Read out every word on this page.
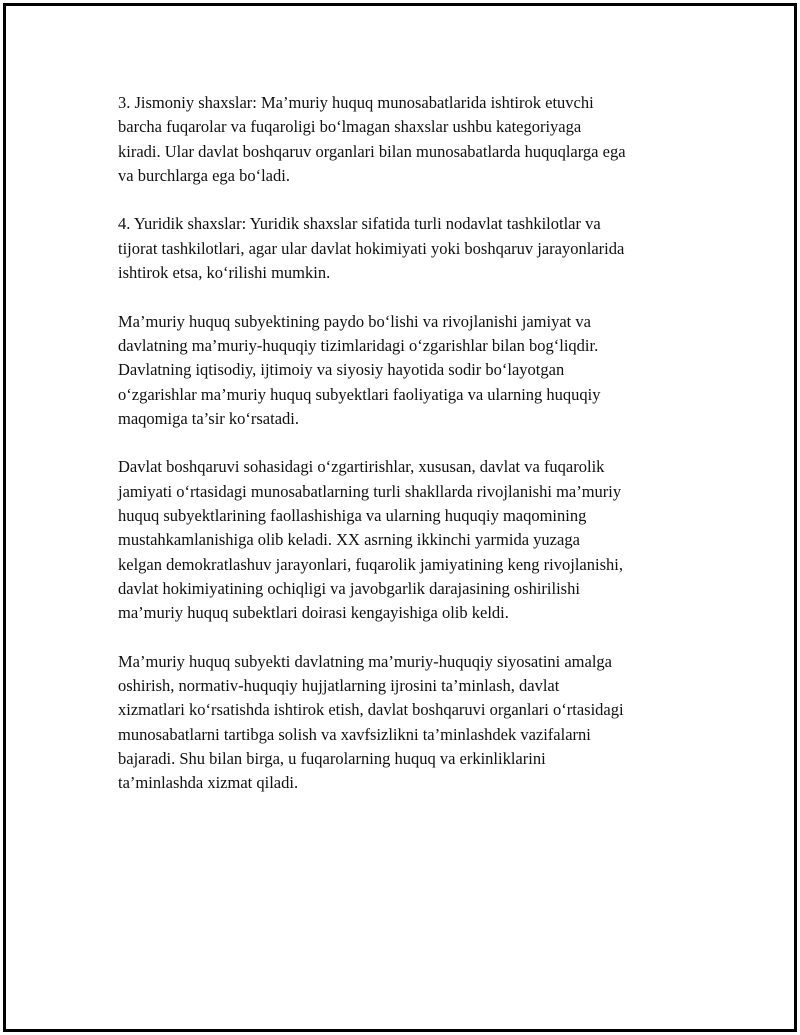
3. Jismoniy shaxslar: Ma’muriy huquq munosabatlarida ishtirok etuvchi
barcha fuqarolar va fuqaroligi bo‘lmagan shaxslar ushbu kategoriyaga
kiradi. Ular davlat boshqaruv organlari bilan munosabatlarda huquqlarga ega
va burchlarga ega bo‘ladi.

4. Yuridik shaxslar: Yuridik shaxslar sifatida turli nodavlat tashkilotlar va
tijorat tashkilotlari, agar ular davlat hokimiyati yoki boshqaruv jarayonlarida
ishtirok etsa, ko‘rilishi mumkin.

Ma’muriy huquq subyektining paydo bo‘lishi va rivojlanishi jamiyat va
davlatning ma’muriy-huquqiy tizimlaridagi o‘zgarishlar bilan bog‘liqdir.
Davlatning iqtisodiy, ijtimoiy va siyosiy hayotida sodir bo‘layotgan
o‘zgarishlar ma’muriy huquq subyektlari faoliyatiga va ularning huquqiy
maqomiga ta’sir ko‘rsatadi.

Davlat boshqaruvi sohasidagi o‘zgartirishlar, xususan, davlat va fuqarolik
jamiyati o‘rtasidagi munosabatlarning turli shakllarda rivojlanishi ma’muriy
huquq subyektlarining faollashishiga va ularning huquqiy maqomining
mustahkamlanishiga olib keladi. XX asrning ikkinchi yarmida yuzaga
kelgan demokratlashuv jarayonlari, fuqarolik jamiyatining keng rivojlanishi,
davlat hokimiyatining ochiqligi va javobgarlik darajasining oshirilishi
ma’muriy huquq subektlari doirasi kengayishiga olib keldi.

Ma’muriy huquq subyekti davlatning ma’muriy-huquqiy siyosatini amalga
oshirish, normativ-huquqiy hujjatlarning ijrosini ta’minlash, davlat
xizmatlari ko‘rsatishda ishtirok etish, davlat boshqaruvi organlari o‘rtasidagi
munosabatlarni tartibga solish va xavfsizlikni ta’minlashdek vazifalarni
bajaradi. Shu bilan birga, u fuqarolarning huquq va erkinliklarini
ta’minlashda xizmat qiladi.
